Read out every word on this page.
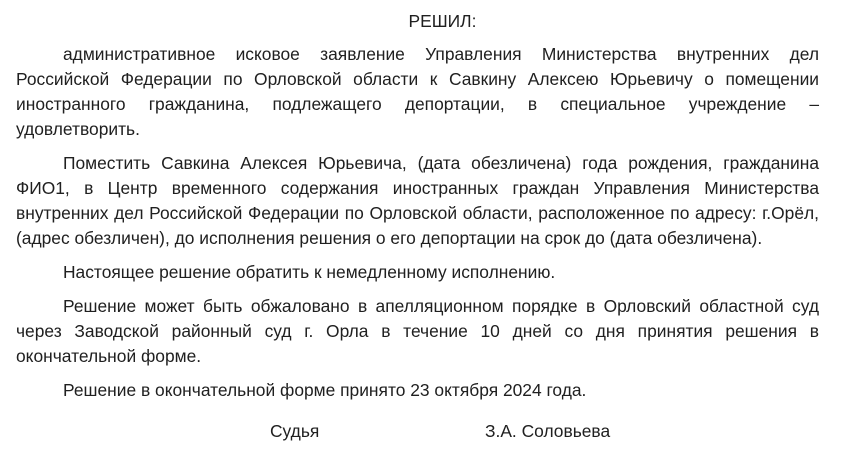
РЕШИЛ:

административное исковое заявление Управления Министерства внутренних дел Российской Федерации по Орловской области к Савкину Алексею Юрьевичу о помещении иностранного гражданина, подлежащего депортации, в специальное учреждение – удовлетворить.

Поместить Савкина Алексея Юрьевича, (дата обезличена) года рождения, гражданина ФИО1, в Центр временного содержания иностранных граждан Управления Министерства внутренних дел Российской Федерации по Орловской области, расположенное по адресу: г.Орёл, (адрес обезличен), до исполнения решения о его депортации на срок до (дата обезличена).

Настоящее решение обратить к немедленному исполнению.

Решение может быть обжаловано в апелляционном порядке в Орловский областной суд через Заводской районный суд г. Орла в течение 10 дней со дня принятия решения в окончательной форме.

Решение в окончательной форме принято 23 октября 2024 года.

Судья	З.А. Соловьева
